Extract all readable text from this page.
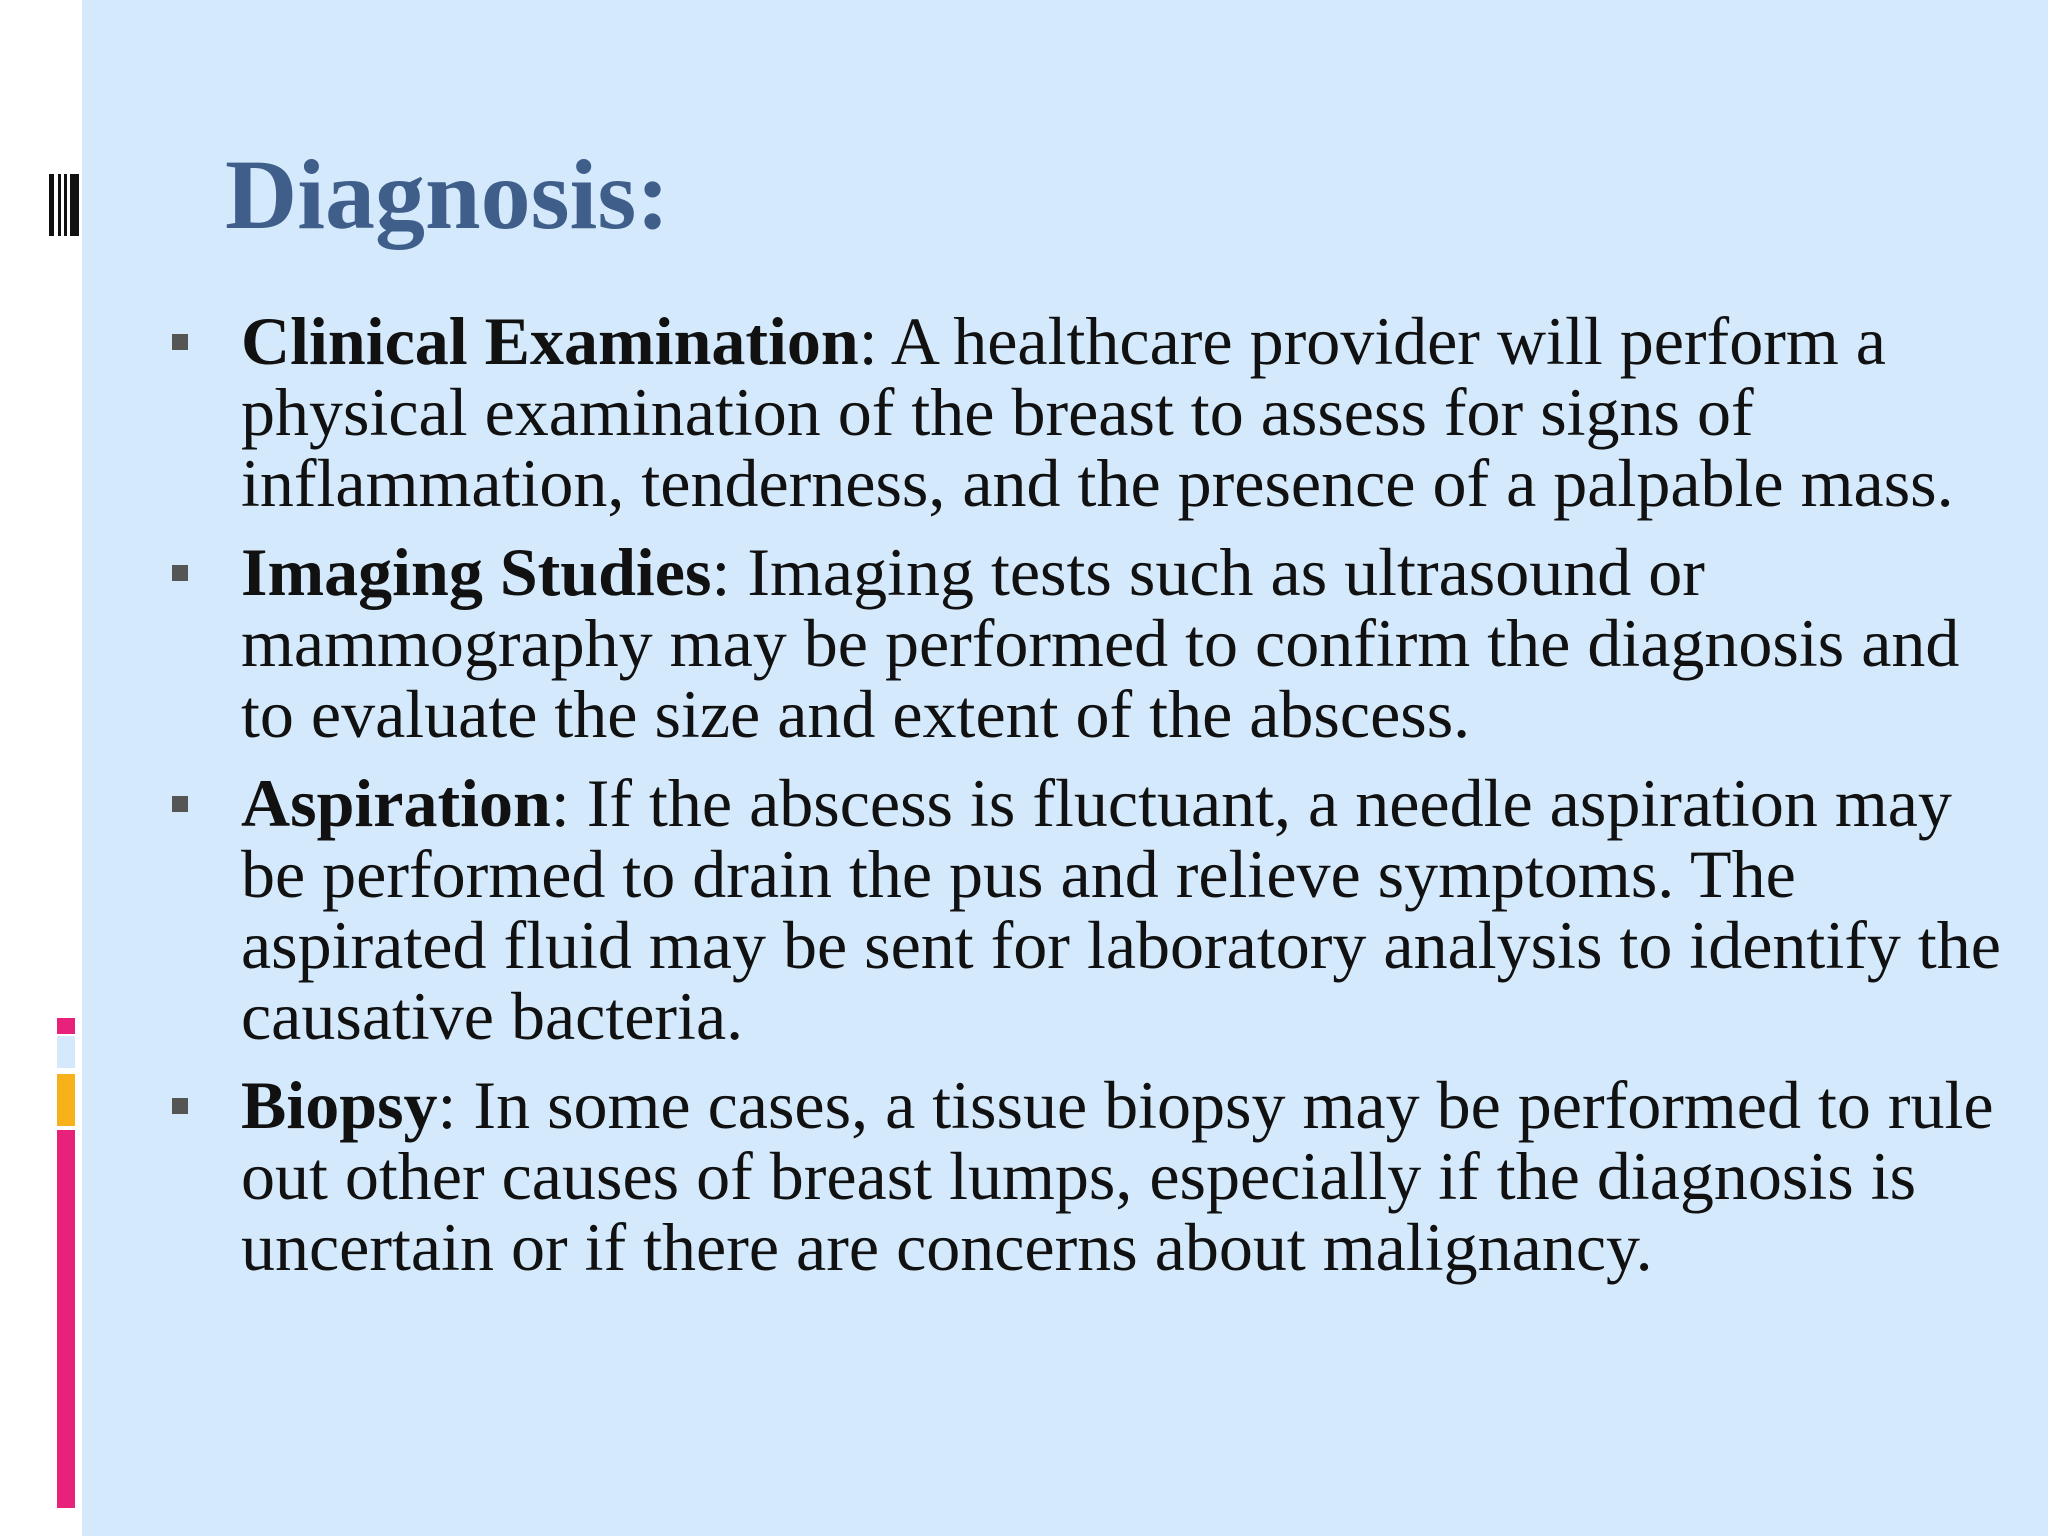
Diagnosis:
Clinical Examination: A healthcare provider will perform a physical examination of the breast to assess for signs of inflammation, tenderness, and the presence of a palpable mass.
Imaging Studies: Imaging tests such as ultrasound or mammography may be performed to confirm the diagnosis and to evaluate the size and extent of the abscess.
Aspiration: If the abscess is fluctuant, a needle aspiration may be performed to drain the pus and relieve symptoms. The aspirated fluid may be sent for laboratory analysis to identify the causative bacteria.
Biopsy: In some cases, a tissue biopsy may be performed to rule out other causes of breast lumps, especially if the diagnosis is uncertain or if there are concerns about malignancy.
